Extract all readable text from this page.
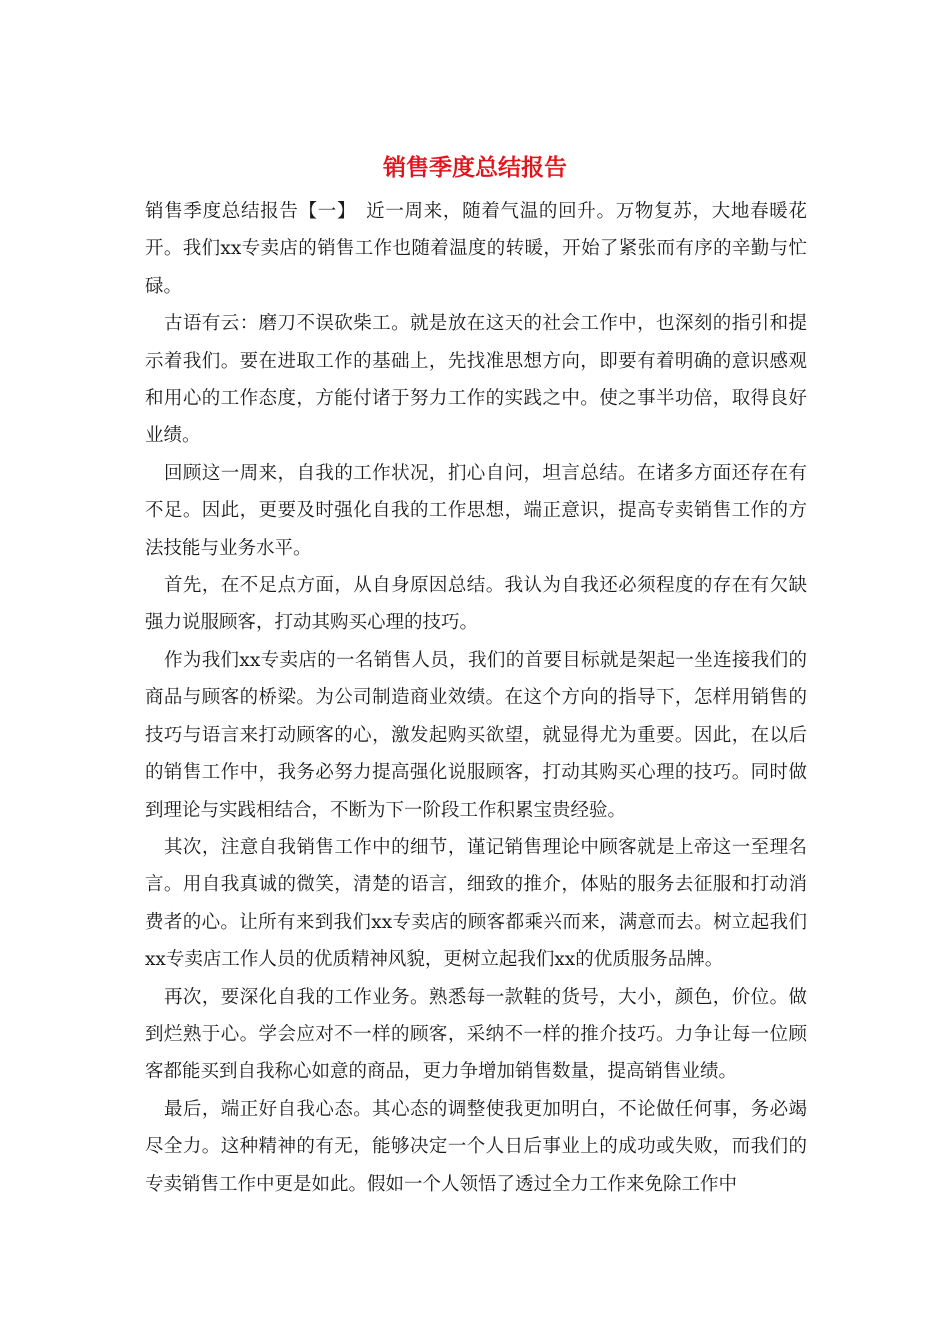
销售季度总结报告

销售季度总结报告【一】　近一周来，随着气温的回升。万物复苏，大地春暖花开。我们xx专卖店的销售工作也随着温度的转暖，开始了紧张而有序的辛勤与忙碌。

古语有云：磨刀不误砍柴工。就是放在这天的社会工作中，也深刻的指引和提示着我们。要在进取工作的基础上，先找准思想方向，即要有着明确的意识感观和用心的工作态度，方能付诸于努力工作的实践之中。使之事半功倍，取得良好业绩。

回顾这一周来，自我的工作状况，扪心自问，坦言总结。在诸多方面还存在有不足。因此，更要及时强化自我的工作思想，端正意识，提高专卖销售工作的方法技能与业务水平。

首先，在不足点方面，从自身原因总结。我认为自我还必须程度的存在有欠缺强力说服顾客，打动其购买心理的技巧。

作为我们xx专卖店的一名销售人员，我们的首要目标就是架起一坐连接我们的商品与顾客的桥梁。为公司制造商业效绩。在这个方向的指导下，怎样用销售的技巧与语言来打动顾客的心，激发起购买欲望，就显得尤为重要。因此，在以后的销售工作中，我务必努力提高强化说服顾客，打动其购买心理的技巧。同时做到理论与实践相结合，不断为下一阶段工作积累宝贵经验。

其次，注意自我销售工作中的细节，谨记销售理论中顾客就是上帝这一至理名言。用自我真诚的微笑，清楚的语言，细致的推介，体贴的服务去征服和打动消费者的心。让所有来到我们xx专卖店的顾客都乘兴而来，满意而去。树立起我们xx专卖店工作人员的优质精神风貌，更树立起我们xx的优质服务品牌。

再次，要深化自我的工作业务。熟悉每一款鞋的货号，大小，颜色，价位。做到烂熟于心。学会应对不一样的顾客，采纳不一样的推介技巧。力争让每一位顾客都能买到自我称心如意的商品，更力争增加销售数量，提高销售业绩。

最后，端正好自我心态。其心态的调整使我更加明白，不论做任何事，务必竭尽全力。这种精神的有无，能够决定一个人日后事业上的成功或失败，而我们的专卖销售工作中更是如此。假如一个人领悟了透过全力工作来免除工作中
